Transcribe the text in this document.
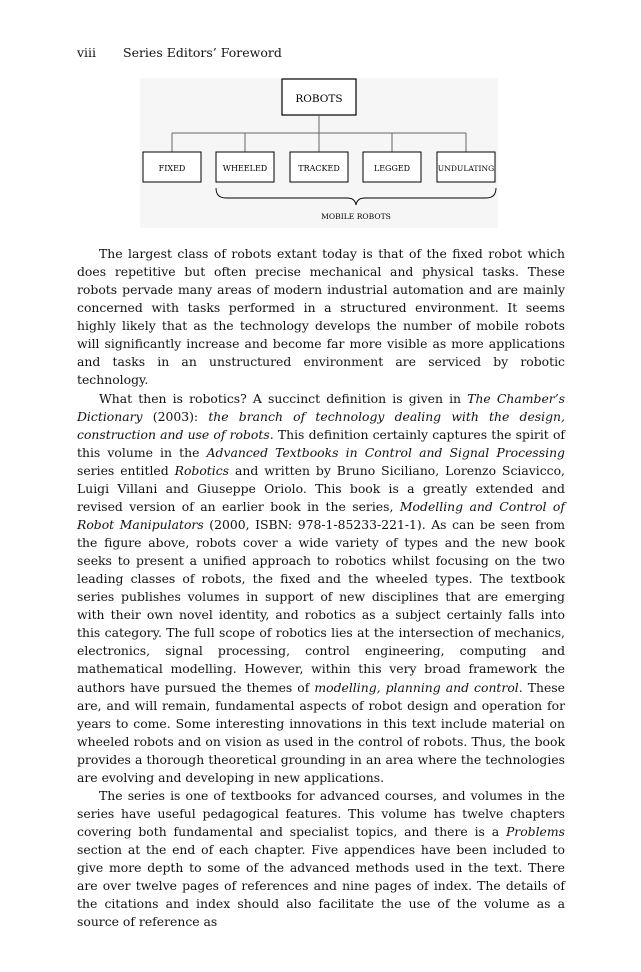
viii Series Editors’ Foreword
ROBOTS
FIXED	WHEELED	TRACKED	LEGGED	UNDULATING
MOBILE ROBOTS

The largest class of robots extant today is that of the fixed robot which does repetitive but often precise mechanical and physical tasks. These robots pervade many areas of modern industrial automation and are mainly concerned with tasks performed in a structured environment. It seems highly likely that as the technology develops the number of mobile robots will significantly increase and become far more visible as more applications and tasks in an unstructured environment are serviced by robotic technology.

What then is robotics? A succinct definition is given in The Chamber’s Dictionary (2003): the branch of technology dealing with the design, construction and use of robots. This definition certainly captures the spirit of this volume in the Advanced Textbooks in Control and Signal Processing series entitled Robotics and written by Bruno Siciliano, Lorenzo Sciavicco, Luigi Villani and Giuseppe Oriolo. This book is a greatly extended and revised version of an earlier book in the series, Modelling and Control of Robot Manipulators (2000, ISBN: 978-1-85233-221-1). As can be seen from the figure above, robots cover a wide variety of types and the new book seeks to present a unified approach to robotics whilst focusing on the two leading classes of robots, the fixed and the wheeled types. The textbook series publishes volumes in support of new disciplines that are emerging with their own novel identity, and robotics as a subject certainly falls into this category. The full scope of robotics lies at the intersection of mechanics, electronics, signal processing, control engineering, computing and mathematical modelling. However, within this very broad framework the authors have pursued the themes of modelling, planning and control. These are, and will remain, fundamental aspects of robot design and operation for years to come. Some interesting innovations in this text include material on wheeled robots and on vision as used in the control of robots. Thus, the book provides a thorough theoretical grounding in an area where the technologies are evolving and developing in new applications.

The series is one of textbooks for advanced courses, and volumes in the series have useful pedagogical features. This volume has twelve chapters covering both fundamental and specialist topics, and there is a Problems section at the end of each chapter. Five appendices have been included to give more depth to some of the advanced methods used in the text. There are over twelve pages of references and nine pages of index. The details of the citations and index should also facilitate the use of the volume as a source of reference as
